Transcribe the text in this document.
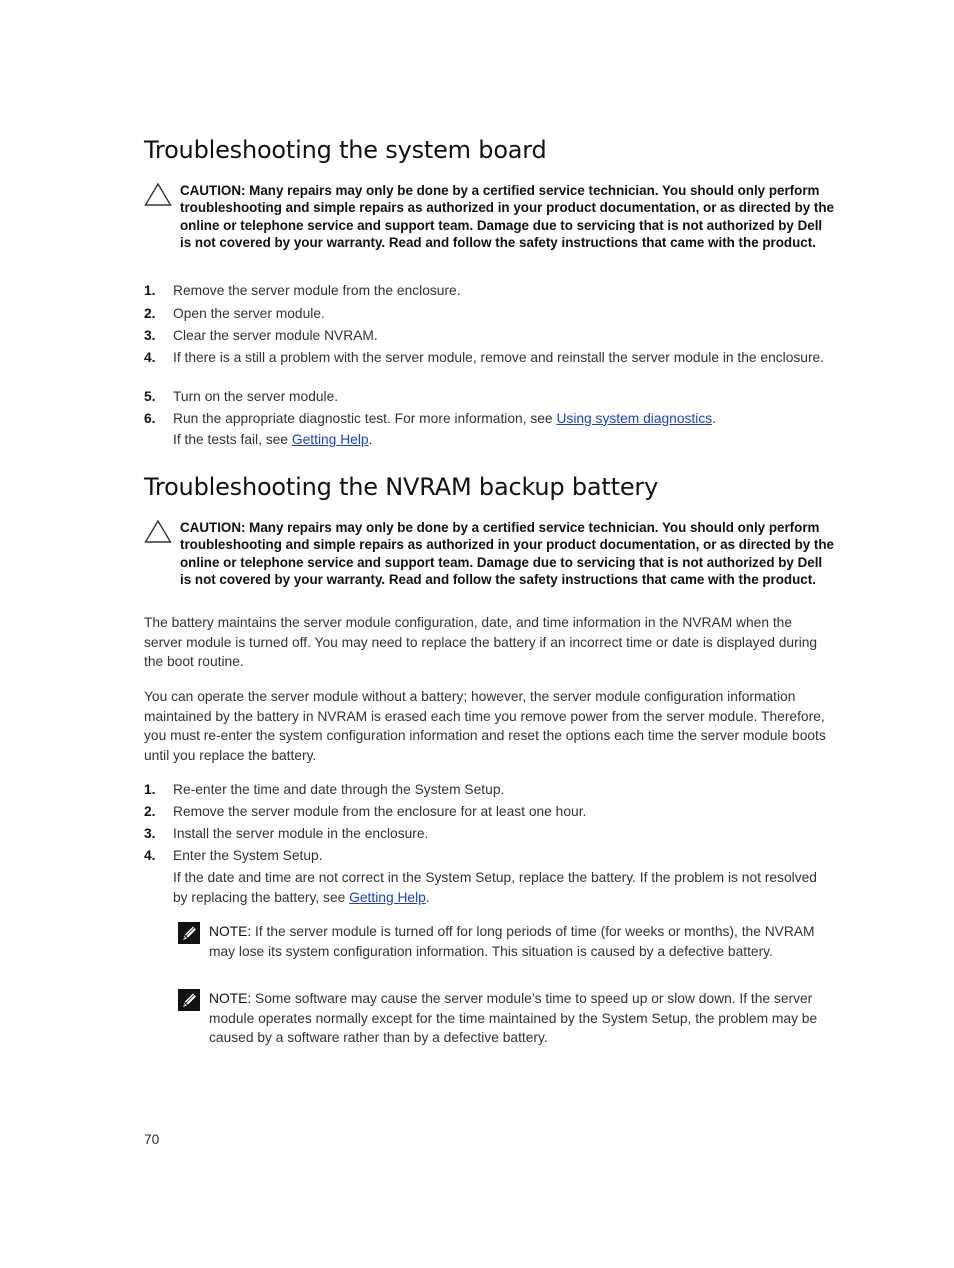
Troubleshooting the system board
CAUTION: Many repairs may only be done by a certified service technician. You should only perform troubleshooting and simple repairs as authorized in your product documentation, or as directed by the online or telephone service and support team. Damage due to servicing that is not authorized by Dell is not covered by your warranty. Read and follow the safety instructions that came with the product.
1. Remove the server module from the enclosure.
2. Open the server module.
3. Clear the server module NVRAM.
4. If there is a still a problem with the server module, remove and reinstall the server module in the enclosure.
5. Turn on the server module.
6. Run the appropriate diagnostic test. For more information, see Using system diagnostics.

If the tests fail, see Getting Help.

Troubleshooting the NVRAM backup battery
CAUTION: Many repairs may only be done by a certified service technician. You should only perform troubleshooting and simple repairs as authorized in your product documentation, or as directed by the online or telephone service and support team. Damage due to servicing that is not authorized by Dell is not covered by your warranty. Read and follow the safety instructions that came with the product.

The battery maintains the server module configuration, date, and time information in the NVRAM when the server module is turned off. You may need to replace the battery if an incorrect time or date is displayed during the boot routine.

You can operate the server module without a battery; however, the server module configuration information maintained by the battery in NVRAM is erased each time you remove power from the server module. Therefore, you must re-enter the system configuration information and reset the options each time the server module boots until you replace the battery.

1. Re-enter the time and date through the System Setup.
2. Remove the server module from the enclosure for at least one hour.
3. Install the server module in the enclosure.
4. Enter the System Setup.

If the date and time are not correct in the System Setup, replace the battery. If the problem is not resolved by replacing the battery, see Getting Help.

NOTE: If the server module is turned off for long periods of time (for weeks or months), the NVRAM may lose its system configuration information. This situation is caused by a defective battery.
NOTE: Some software may cause the server module’s time to speed up or slow down. If the server module operates normally except for the time maintained by the System Setup, the problem may be caused by a software rather than by a defective battery.
70
